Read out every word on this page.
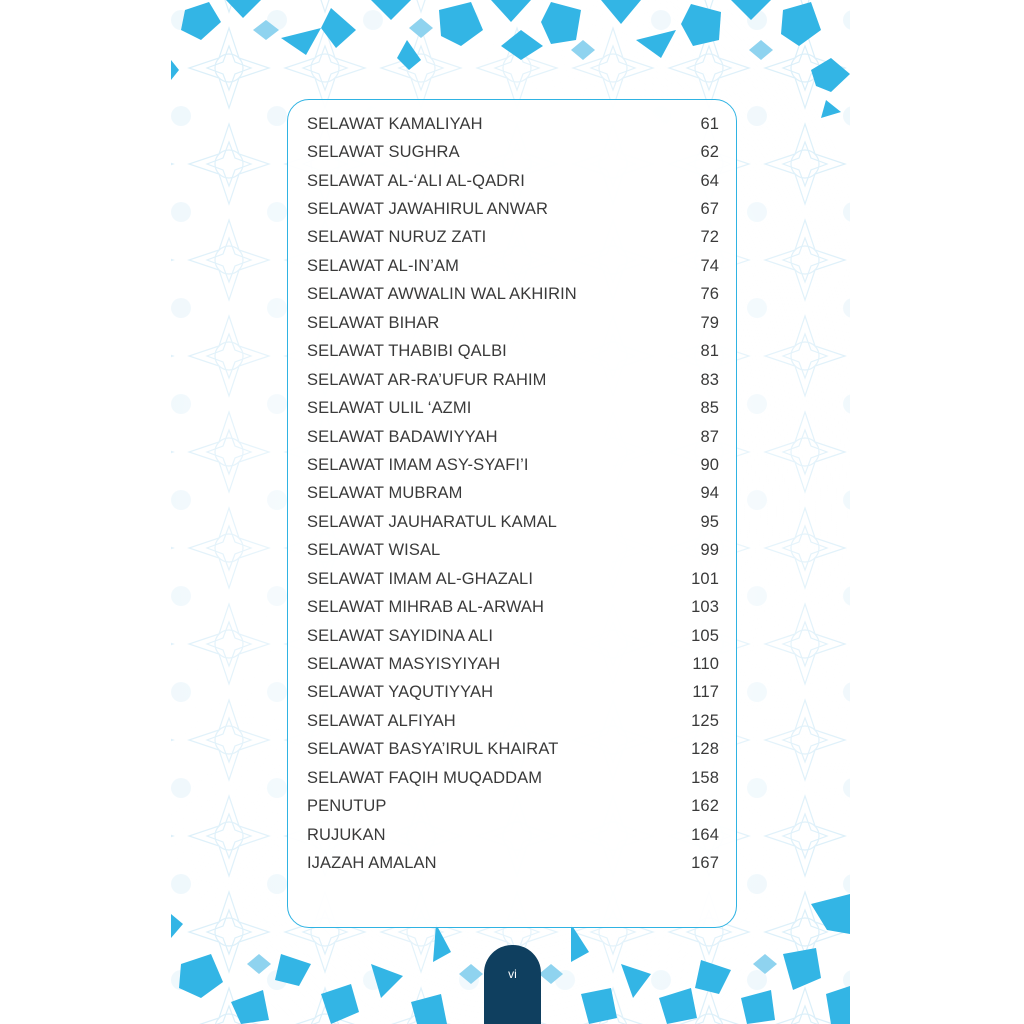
SELAWAT KAMALIYAH	61
SELAWAT SUGHRA	62
SELAWAT AL-‘ALI AL-QADRI	64
SELAWAT JAWAHIRUL ANWAR	67
SELAWAT NURUZ ZATI	72
SELAWAT AL-IN’AM	74
SELAWAT AWWALIN WAL AKHIRIN	76
SELAWAT BIHAR	79
SELAWAT THABIBI QALBI	81
SELAWAT AR-RA’UFUR RAHIM	83
SELAWAT ULIL ‘AZMI	85
SELAWAT BADAWIYYAH	87
SELAWAT IMAM ASY-SYAFI’I	90
SELAWAT MUBRAM	94
SELAWAT JAUHARATUL KAMAL	95
SELAWAT WISAL	99
SELAWAT IMAM AL-GHAZALI	101
SELAWAT MIHRAB AL-ARWAH	103
SELAWAT SAYIDINA ALI	105
SELAWAT MASYISYIYAH	110
SELAWAT YAQUTIYYAH	117
SELAWAT ALFIYAH	125
SELAWAT BASYA’IRUL KHAIRAT	128
SELAWAT FAQIH MUQADDAM	158
PENUTUP	162
RUJUKAN	164
IJAZAH AMALAN	167
vi
